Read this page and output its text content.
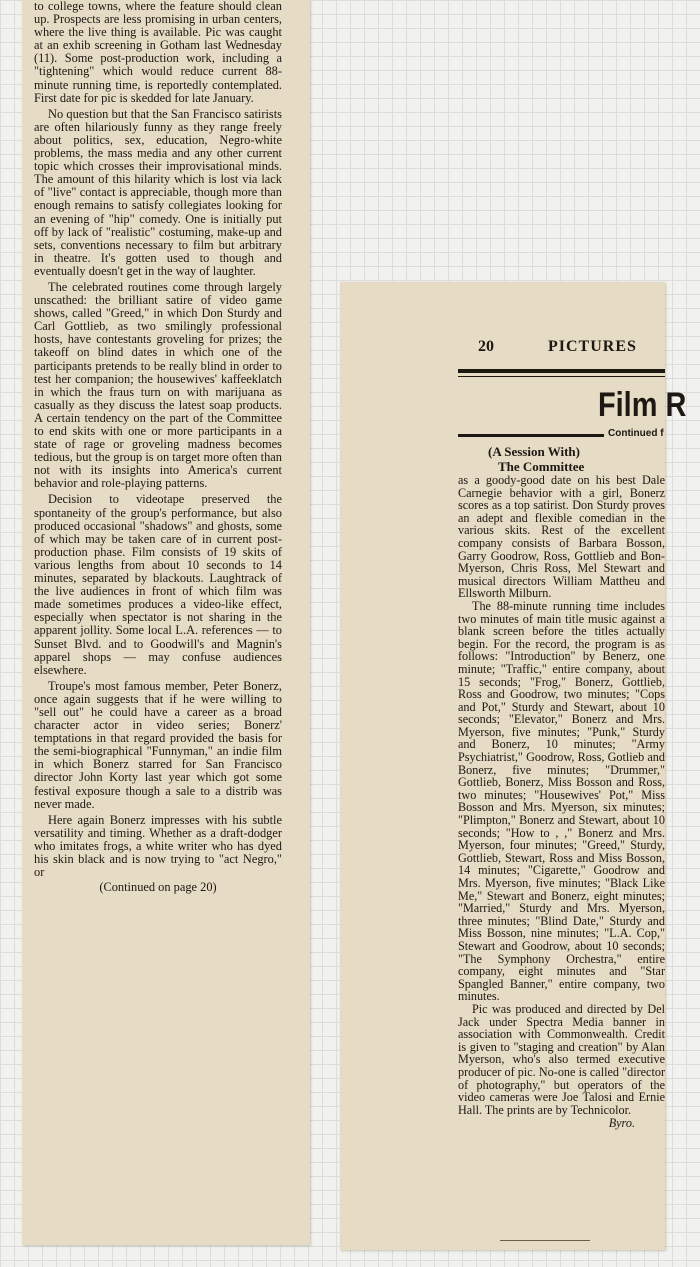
to college towns, where the feature should clean up. Prospects are less promising in urban centers, where the live thing is available. Pic was caught at an exhib screening in Gotham last Wednesday (11). Some post-production work, including a "tightening" which would reduce current 88-minute running time, is reportedly contemplated. First date for pic is skedded for late January.

No question but that the San Francisco satirists are often hilariously funny as they range freely about politics, sex, education, Negro-white problems, the mass media and any other current topic which crosses their improvisational minds. The amount of this hilarity which is lost via lack of "live" contact is appreciable, though more than enough remains to satisfy collegiates looking for an evening of "hip" comedy. One is initially put off by lack of "realistic" costuming, make-up and sets, conventions necessary to film but arbitrary in theatre. It's gotten used to though and eventually doesn't get in the way of laughter.

The celebrated routines come through largely unscathed: the brilliant satire of video game shows, called "Greed," in which Don Sturdy and Carl Gottlieb, as two smilingly professional hosts, have contestants groveling for prizes; the takeoff on blind dates in which one of the participants pretends to be really blind in order to test her companion; the housewives' kaffeeklatch in which the fraus turn on with marijuana as casually as they discuss the latest soap products. A certain tendency on the part of the Committee to end skits with one or more participants in a state of rage or groveling madness becomes tedious, but the group is on target more often than not with its insights into America's current behavior and role-playing patterns.

Decision to videotape preserved the spontaneity of the group's performance, but also produced occasional "shadows" and ghosts, some of which may be taken care of in current post-production phase. Film consists of 19 skits of various lengths from about 10 seconds to 14 minutes, separated by blackouts. Laughtrack of the live audiences in front of which film was made sometimes produces a video-like effect, especially when spectator is not sharing in the apparent jollity. Some local L.A. references — to Sunset Blvd. and to Goodwill's and Magnin's apparel shops — may confuse audiences elsewhere.

Troupe's most famous member, Peter Bonerz, once again suggests that if he were willing to "sell out" he could have a career as a broad character actor in video series; Bonerz' temptations in that regard provided the basis for the semi-biographical "Funnyman," an indie film in which Bonerz starred for San Francisco director John Korty last year which got some festival exposure though a sale to a distrib was never made.

Here again Bonerz impresses with his subtle versatility and timing. Whether as a draft-dodger who imitates frogs, a white writer who has dyed his skin black and is now trying to "act Negro," or

(Continued on page 20)
20	PICTURES
Film R
Continued f
(A Session With)
The Committee

as a goody-good date on his best Dale Carnegie behavior with a girl, Bonerz scores as a top satirist. Don Sturdy proves an adept and flexible comedian in the various skits. Rest of the excellent company consists of Barbara Bosson, Garry Goodrow, Ross, Gottlieb and Bon-Myerson, Chris Ross, Mel Stewart and musical directors William Mattheu and Ellsworth Milburn.

The 88-minute running time includes two minutes of main title music against a blank screen before the titles actually begin. For the record, the program is as follows: "Introduction" by Benerz, one minute; "Traffic," entire company, about 15 seconds; "Frog," Bonerz, Gottlieb, Ross and Goodrow, two minutes; "Cops and Pot," Sturdy and Stewart, about 10 seconds; "Elevator," Bonerz and Mrs. Myerson, five minutes; "Punk," Sturdy and Bonerz, 10 minutes; "Army Psychiatrist," Goodrow, Ross, Gotlieb and Bonerz, five minutes; "Drummer," Gottlieb, Bonerz, Miss Bosson and Ross, two minutes; "Housewives' Pot," Miss Bosson and Mrs. Myerson, six minutes; "Plimpton," Bonerz and Stewart, about 10 seconds; "How to , ," Bonerz and Mrs. Myerson, four minutes; "Greed," Sturdy, Gottlieb, Stewart, Ross and Miss Bosson, 14 minutes; "Cigarette," Goodrow and Mrs. Myerson, five minutes; "Black Like Me," Stewart and Bonerz, eight minutes; "Married," Sturdy and Mrs. Myerson, three minutes; "Blind Date," Sturdy and Miss Bosson, nine minutes; "L.A. Cop," Stewart and Goodrow, about 10 seconds; "The Symphony Orchestra," entire company, eight minutes and "Star Spangled Banner," entire company, two minutes.

Pic was produced and directed by Del Jack under Spectra Media banner in association with Commonwealth. Credit is given to "staging and creation" by Alan Myerson, who's also termed executive producer of pic. No-one is called "director of photography," but operators of the video cameras were Joe Talosi and Ernie Hall. The prints are by Technicolor.

Byro.
